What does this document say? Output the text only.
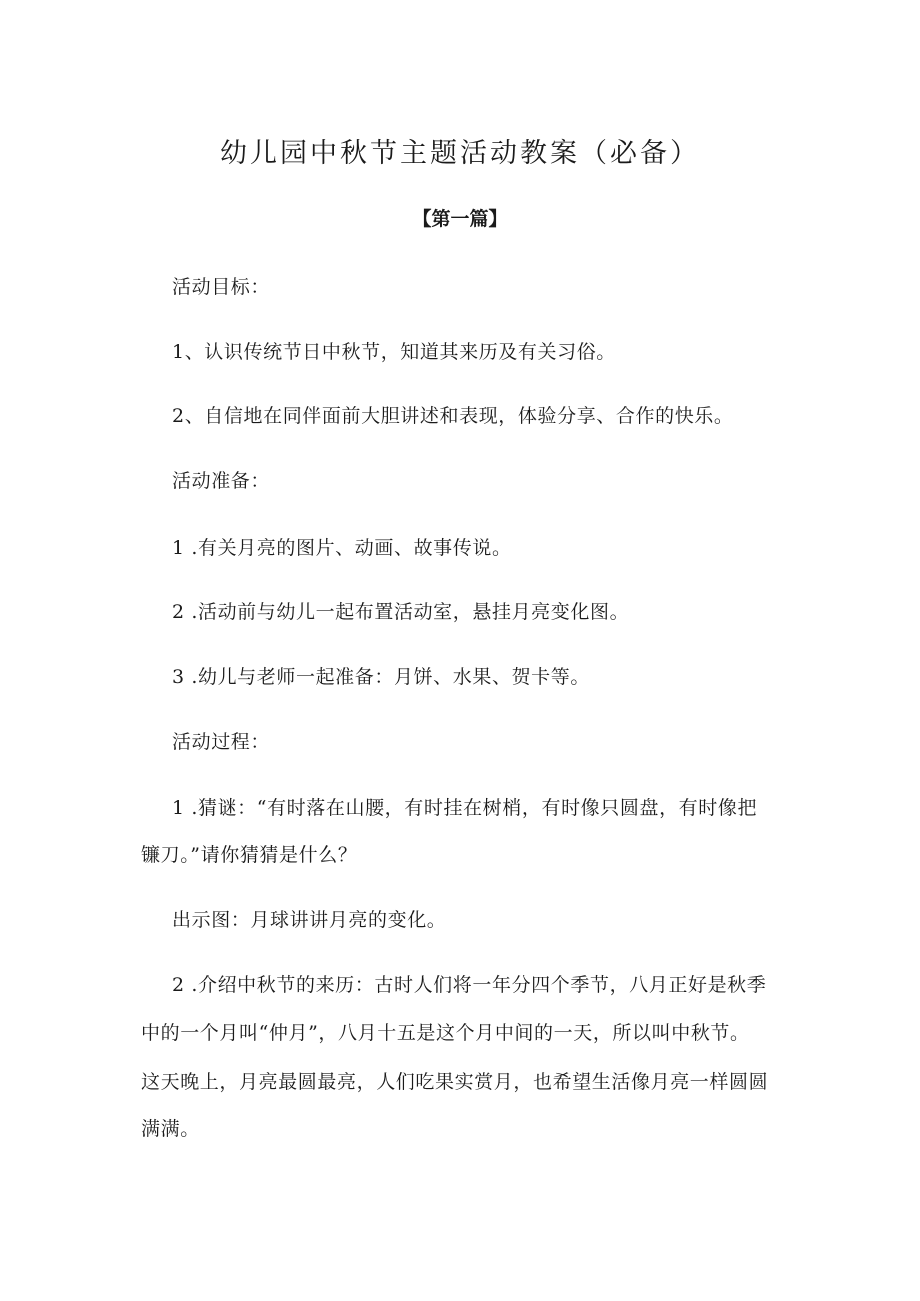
幼儿园中秋节主题活动教案（必备）
【第一篇】
活动目标：
1、认识传统节日中秋节，知道其来历及有关习俗。
2、自信地在同伴面前大胆讲述和表现，体验分享、合作的快乐。
活动准备：
1 .有关月亮的图片、动画、故事传说。
2 .活动前与幼儿一起布置活动室，悬挂月亮变化图。
3 .幼儿与老师一起准备：月饼、水果、贺卡等。
活动过程：
1 .猜谜：“有时落在山腰，有时挂在树梢，有时像只圆盘，有时像把
镰刀。”请你猜猜是什么？
出示图：月球讲讲月亮的变化。
2 .介绍中秋节的来历：古时人们将一年分四个季节，八月正好是秋季
中的一个月叫“仲月”，八月十五是这个月中间的一天，所以叫中秋节。
这天晚上，月亮最圆最亮，人们吃果实赏月，也希望生活像月亮一样圆圆
满满。
